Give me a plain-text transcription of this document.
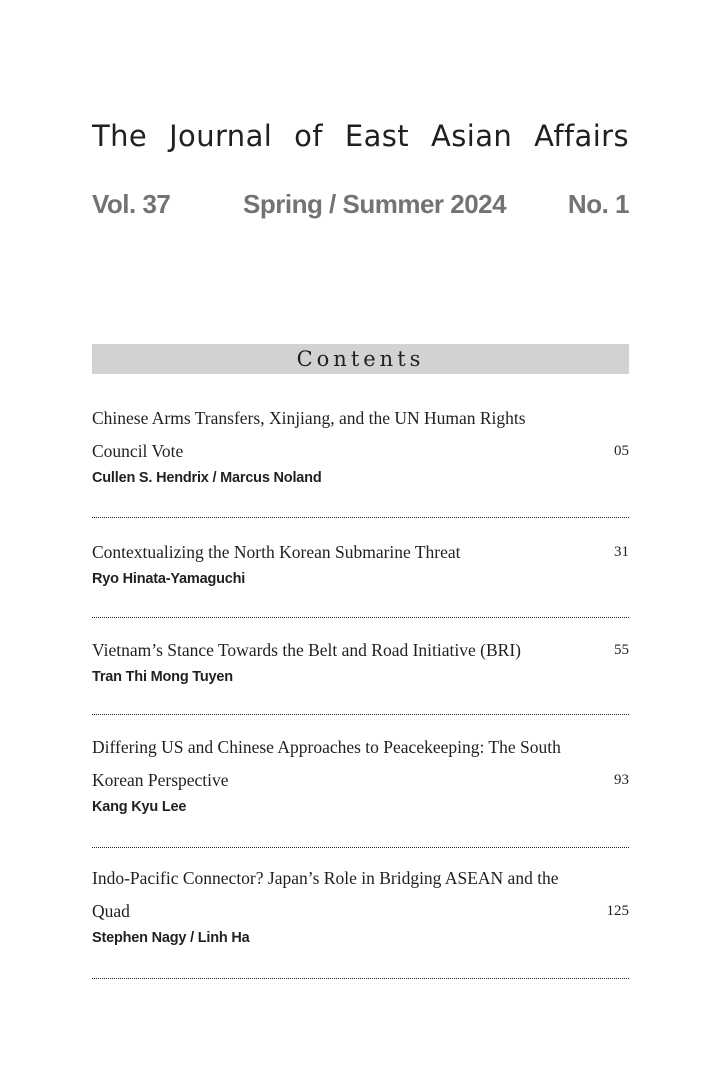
The Journal of East Asian Affairs
Vol. 37	Spring / Summer 2024 No. 1
Contents
Chinese Arms Transfers, Xinjiang, and the UN Human Rights Council Vote
Cullen S. Hendrix / Marcus Noland
05
Contextualizing the North Korean Submarine Threat
Ryo Hinata-Yamaguchi
31
Vietnam’s Stance Towards the Belt and Road Initiative (BRI)
Tran Thi Mong Tuyen
55
Differing US and Chinese Approaches to Peacekeeping: The South Korean Perspective
Kang Kyu Lee
93
Indo-Pacific Connector? Japan’s Role in Bridging ASEAN and the Quad
Stephen Nagy / Linh Ha
125
